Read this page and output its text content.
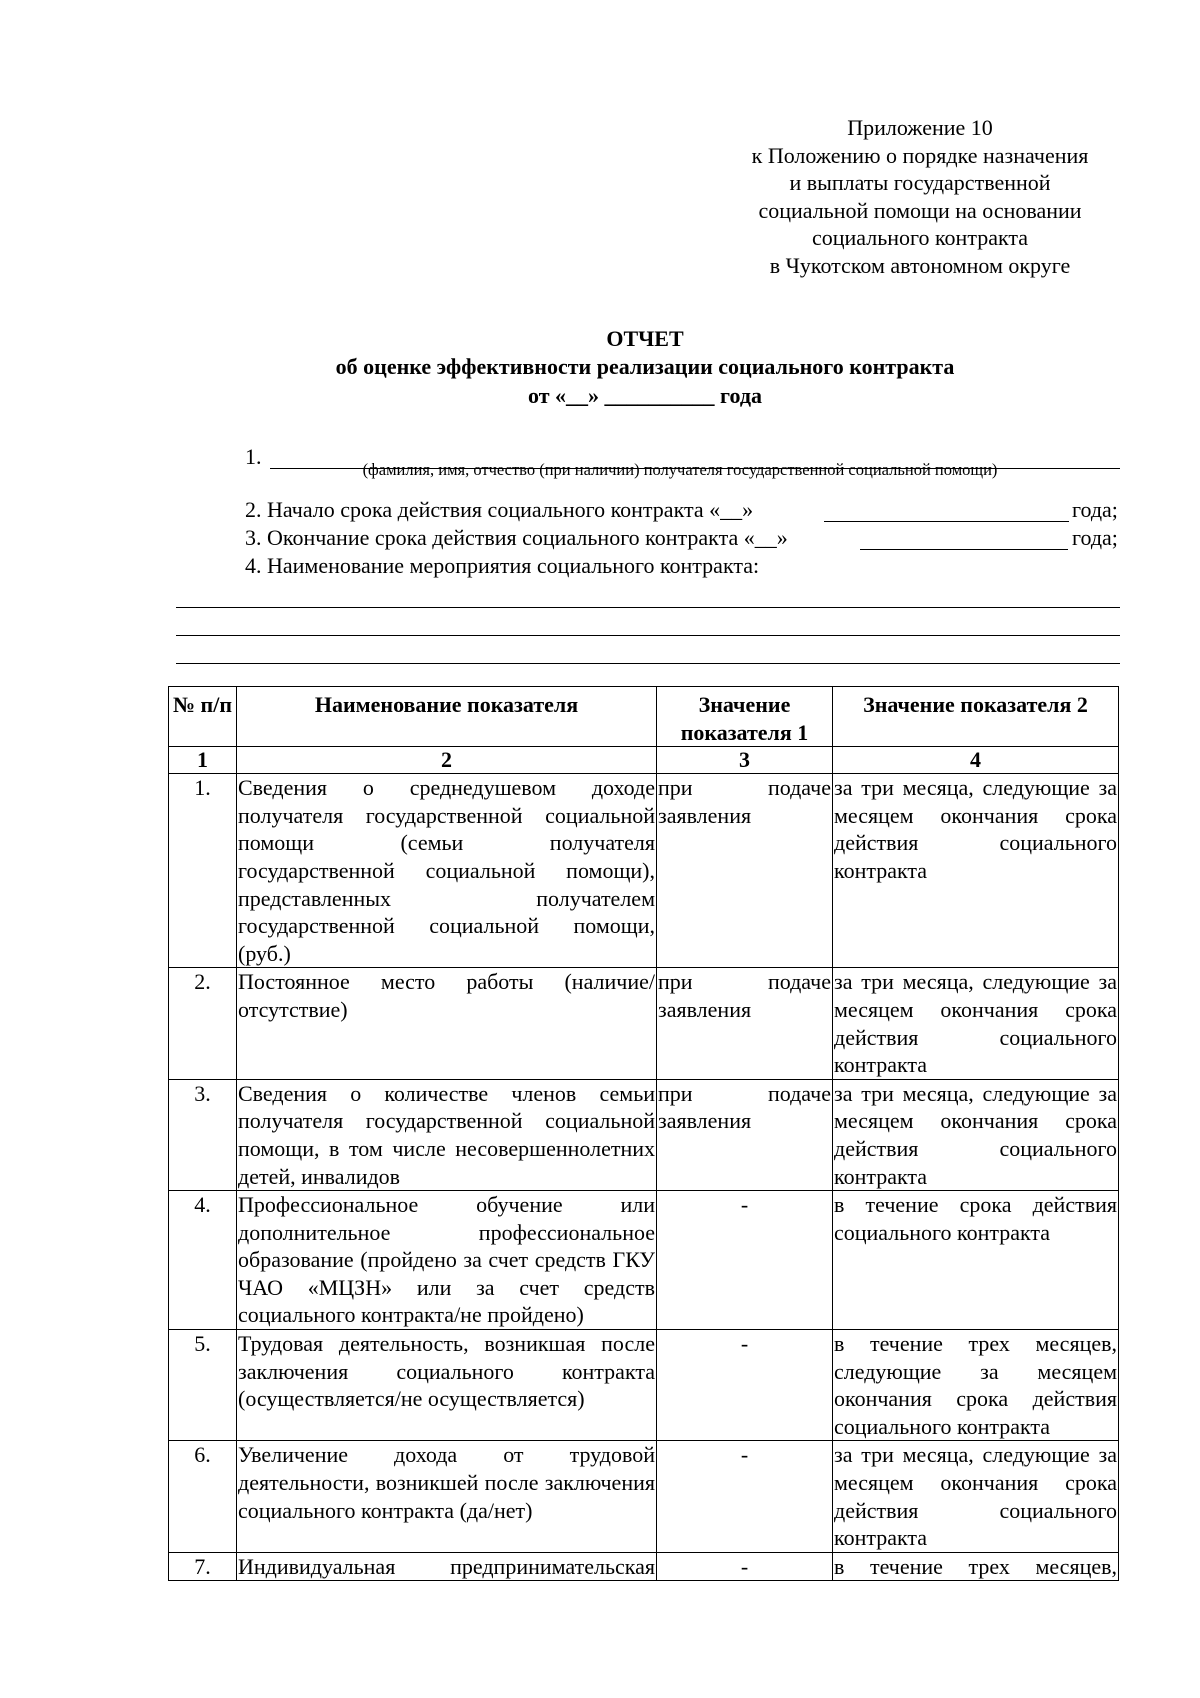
Приложение 10
к Положению о порядке назначения
и выплаты государственной
социальной помощи на основании
социального контракта
в Чукотском автономном округе
ОТЧЕТ
об оценке эффективности реализации социального контракта
от «__» __________ года
1.
(фамилия, имя, отчество (при наличии) получателя государственной социальной помощи)
2. Начало срока действия социального контракта «__»	года;
3. Окончание срока действия социального контракта «__»	года;
4. Наименование мероприятия социального контракта:
№ п/п	Наименование показателя	Значение показателя 1	Значение показателя 2
1	2	3	4
1.	Сведения о среднедушевом доходе получателя государственной социальной помощи (семьи получателя государственной социальной помощи), представленных получателем государственной социальной помощи, (руб.)	при подаче заявления	за три месяца, следующие за месяцем окончания срока действия социального контракта
2.	Постоянное место работы (наличие/отсутствие)	при подаче заявления	за три месяца, следующие за месяцем окончания срока действия социального контракта
3.	Сведения о количестве членов семьи получателя государственной социальной помощи, в том числе несовершеннолетних детей, инвалидов	при подаче заявления	за три месяца, следующие за месяцем окончания срока действия социального контракта
4.	Профессиональное обучение или дополнительное профессиональное образование (пройдено за счет средств ГКУ ЧАО «МЦЗН» или за счет средств социального контракта/не пройдено)	-	в течение срока действия социального контракта
5.	Трудовая деятельность, возникшая после заключения социального контракта (осуществляется/не осуществляется)	-	в течение трех месяцев, следующие за месяцем окончания срока действия социального контракта
6.	Увеличение дохода от трудовой деятельности, возникшей после заключения социального контракта (да/нет)	-	за три месяца, следующие за месяцем окончания срока действия социального контракта
7.	Индивидуальная предпринимательская	-	в течение трех месяцев,
